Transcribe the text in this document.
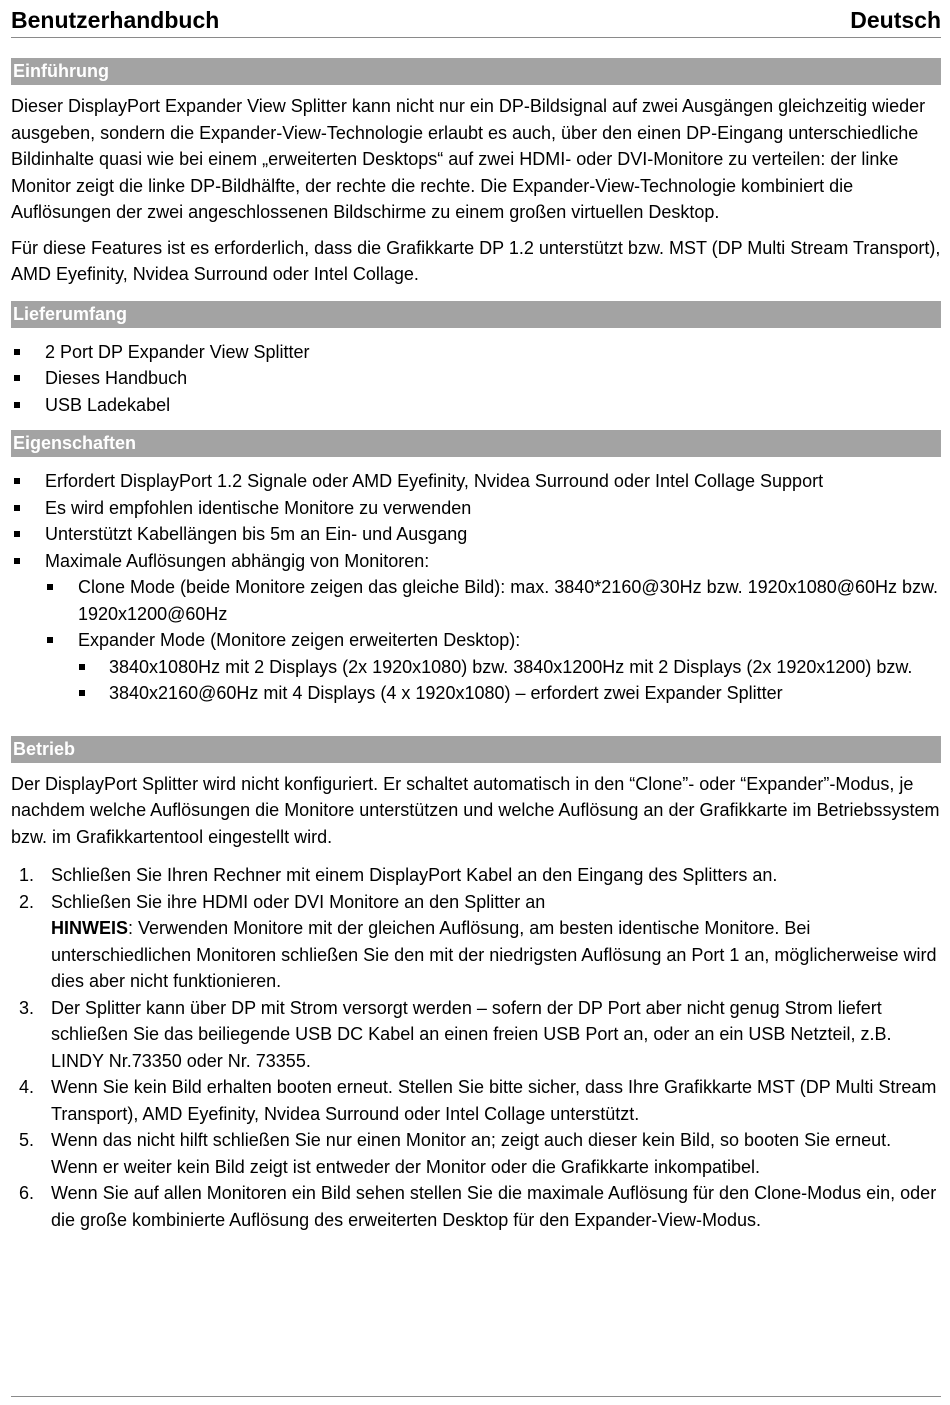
Benutzerhandbuch	Deutsch
Einführung

Dieser DisplayPort Expander View Splitter kann nicht nur ein DP-Bildsignal auf zwei Ausgängen gleichzeitig wieder ausgeben, sondern die Expander-View-Technologie erlaubt es auch, über den einen DP-Eingang unterschiedliche Bildinhalte quasi wie bei einem „erweiterten Desktops“ auf zwei HDMI- oder DVI-Monitore zu verteilen: der linke Monitor zeigt die linke DP-Bildhälfte, der rechte die rechte. Die Expander-View-Technologie kombiniert die Auflösungen der zwei angeschlossenen Bildschirme zu einem großen virtuellen Desktop.

Für diese Features ist es erforderlich, dass die Grafikkarte DP 1.2 unterstützt bzw. MST (DP Multi Stream Transport), AMD Eyefinity, Nvidea Surround oder Intel Collage.

Lieferumfang
2 Port DP Expander View Splitter
Dieses Handbuch
USB Ladekabel
Eigenschaften
Erfordert DisplayPort 1.2 Signale oder AMD Eyefinity, Nvidea Surround oder Intel Collage Support
Es wird empfohlen identische Monitore zu verwenden
Unterstützt Kabellängen bis 5m an Ein- und Ausgang
Maximale Auflösungen abhängig von Monitoren:
Clone Mode (beide Monitore zeigen das gleiche Bild): max. 3840*2160@30Hz bzw. 1920x1080@60Hz bzw. 1920x1200@60Hz
Expander Mode (Monitore zeigen erweiterten Desktop):
3840x1080Hz mit 2 Displays (2x 1920x1080) bzw. 3840x1200Hz mit 2 Displays (2x 1920x1200) bzw.
3840x2160@60Hz mit 4 Displays (4 x 1920x1080) – erfordert zwei Expander Splitter
Betrieb

Der DisplayPort Splitter wird nicht konfiguriert. Er schaltet automatisch in den “Clone”- oder “Expander”-Modus, je nachdem welche Auflösungen die Monitore unterstützen und welche Auflösung an der Grafikkarte im Betriebssystem bzw. im Grafikkartentool eingestellt wird.

1. Schließen Sie Ihren Rechner mit einem DisplayPort Kabel an den Eingang des Splitters an.
2. Schließen Sie ihre HDMI oder DVI Monitore an den Splitter an
HINWEIS: Verwenden Monitore mit der gleichen Auflösung, am besten identische Monitore. Bei unterschiedlichen Monitoren schließen Sie den mit der niedrigsten Auflösung an Port 1 an, möglicherweise wird dies aber nicht funktionieren.
3. Der Splitter kann über DP mit Strom versorgt werden – sofern der DP Port aber nicht genug Strom liefert schließen Sie das beiliegende USB DC Kabel an einen freien USB Port an, oder an ein USB Netzteil, z.B. LINDY Nr.73350 oder Nr. 73355.
4. Wenn Sie kein Bild erhalten booten erneut. Stellen Sie bitte sicher, dass Ihre Grafikkarte MST (DP Multi Stream Transport), AMD Eyefinity, Nvidea Surround oder Intel Collage unterstützt.
5. Wenn das nicht hilft schließen Sie nur einen Monitor an; zeigt auch dieser kein Bild, so booten Sie erneut. Wenn er weiter kein Bild zeigt ist entweder der Monitor oder die Grafikkarte inkompatibel.
6. Wenn Sie auf allen Monitoren ein Bild sehen stellen Sie die maximale Auflösung für den Clone-Modus ein, oder die große kombinierte Auflösung des erweiterten Desktop für den Expander-View-Modus.
